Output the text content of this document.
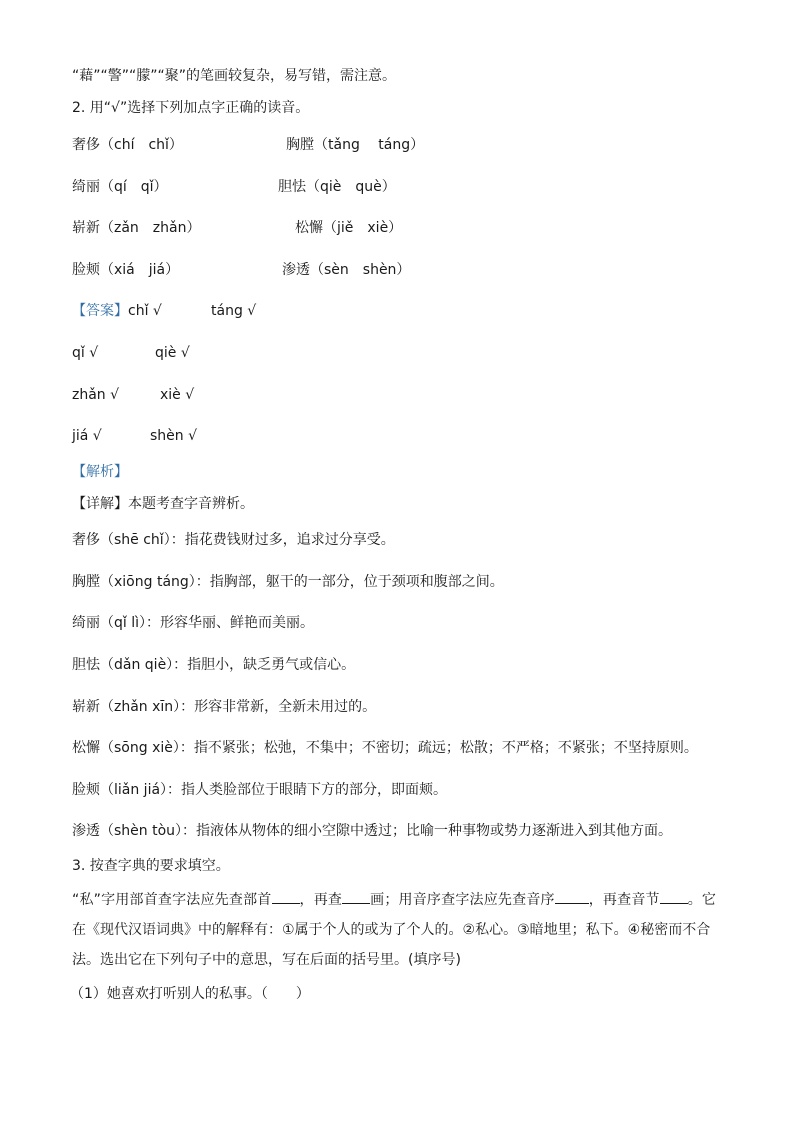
“藉”“警”“朦”“聚”的笔画较复杂，易写错，需注意。
2. 用“√”选择下列加点字正确的读音。
奢侈（chí　chǐ）	胸膛（tǎng　 táng）
绮丽（qí　qǐ）	胆怯（qiè　què）
崭新（zǎn　zhǎn）	松懈（jiě　xiè）
脸颊（xiá　jiá）	渗透（sèn　shèn）
【答案】chǐ √	táng √
qǐ √	qiè √
zhǎn √	xiè √
jiá √	shèn √
【解析】
【详解】本题考查字音辨析。
奢侈（shē chǐ）：指花费钱财过多，追求过分享受。
胸膛（xiōng táng）：指胸部，躯干的一部分，位于颈项和腹部之间。
绮丽（qǐ lì）：形容华丽、鲜艳而美丽。
胆怯（dǎn qiè）：指胆小，缺乏勇气或信心。
崭新（zhǎn xīn）：形容非常新，全新未用过的。
松懈（sōng xiè）：指不紧张；松弛，不集中；不密切；疏远；松散；不严格；不紧张；不坚持原则。
脸颊（liǎn jiá）：指人类脸部位于眼睛下方的部分，即面颊。
渗透（shèn tòu）：指液体从物体的细小空隙中透过；比喻一种事物或势力逐渐进入到其他方面。
3. 按查字典的要求填空。
“私”字用部首查字法应先查部首 ，再查 画；用音序查字法应先查音序 ，再查音节 。它
在《现代汉语词典》中的解释有：①属于个人的或为了个人的。②私心。③暗地里；私下。④秘密而不合
法。选出它在下列句子中的意思，写在后面的括号里。(填序号)
（1）她喜欢打听别人的私事。（　　）
